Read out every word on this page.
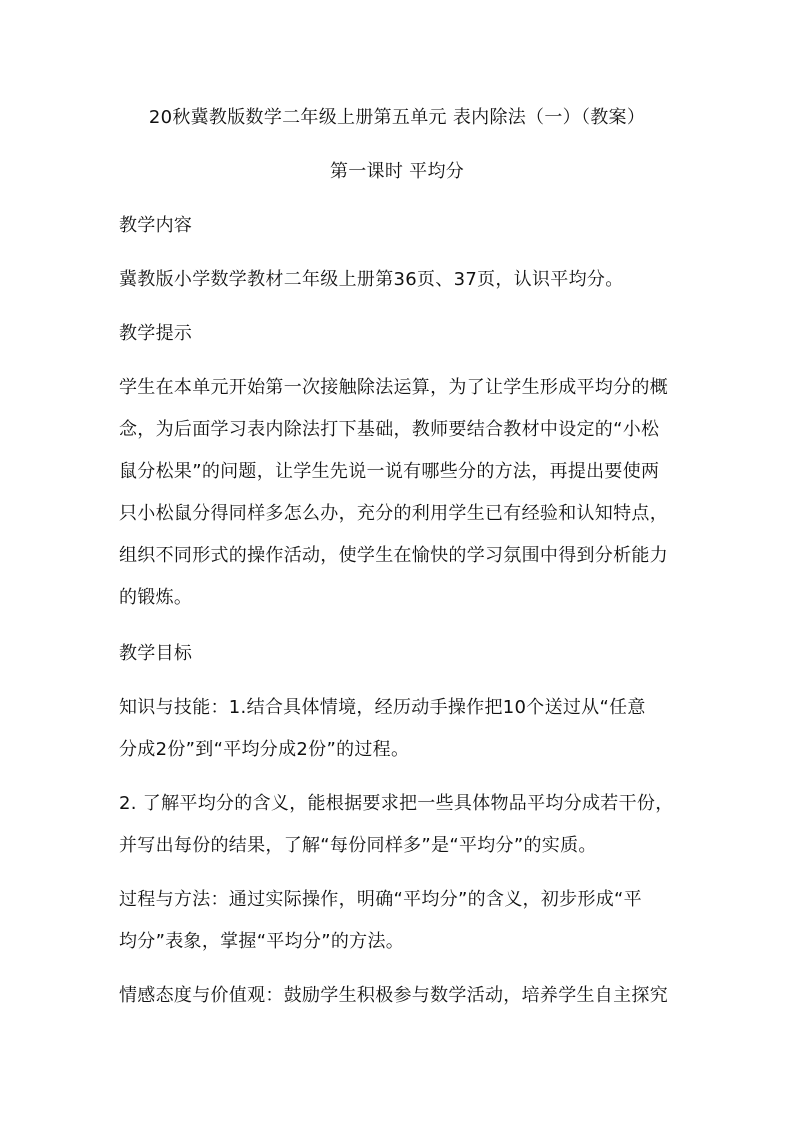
20秋冀教版数学二年级上册第五单元 表内除法（一）（教案）
第一课时 平均分
教学内容
冀教版小学数学教材二年级上册第36页、37页，认识平均分。
教学提示
学生在本单元开始第一次接触除法运算，为了让学生形成平均分的概
念，为后面学习表内除法打下基础，教师要结合教材中设定的“小松
鼠分松果”的问题，让学生先说一说有哪些分的方法，再提出要使两
只小松鼠分得同样多怎么办，充分的利用学生已有经验和认知特点，
组织不同形式的操作活动，使学生在愉快的学习氛围中得到分析能力
的锻炼。
教学目标
知识与技能：1.结合具体情境，经历动手操作把10个送过从“任意
分成2份”到“平均分成2份”的过程。
2. 了解平均分的含义，能根据要求把一些具体物品平均分成若干份，
并写出每份的结果，了解“每份同样多”是“平均分”的实质。
过程与方法：通过实际操作，明确“平均分”的含义，初步形成“平
均分”表象，掌握“平均分”的方法。
情感态度与价值观：鼓励学生积极参与数学活动，培养学生自主探究
